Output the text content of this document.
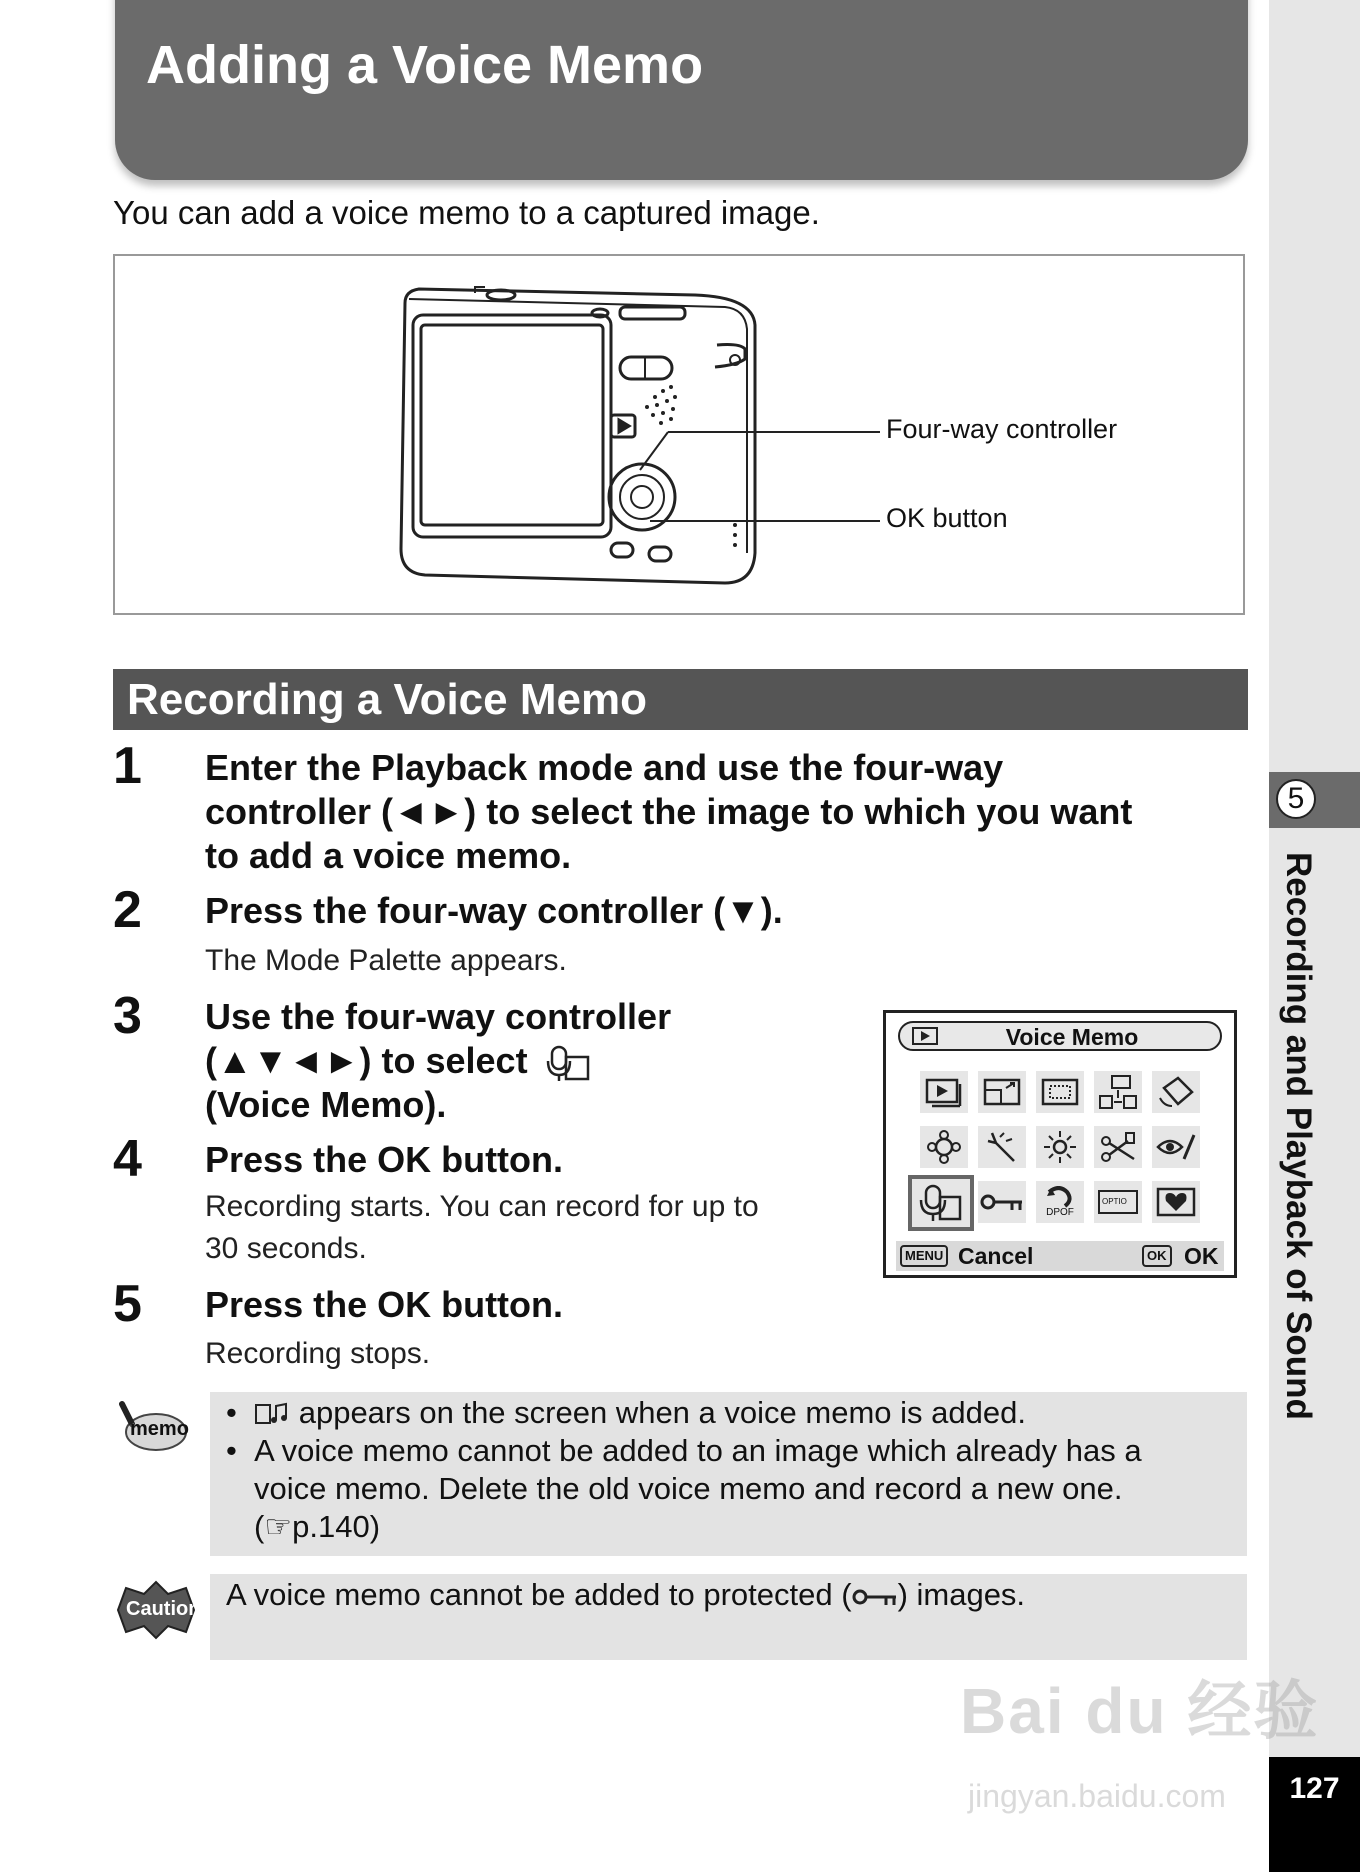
Adding a Voice Memo
You can add a voice memo to a captured image.
Four-way controller
OK button
Recording a Voice Memo
1 Enter the Playback mode and use the four-way
controller (◄►) to select the image to which you want
to add a voice memo.
2 Press the four-way controller (▼).
The Mode Palette appears.
3 Use the four-way controller
(▲▼◄►) to select
(Voice Memo).
Voice Memo
DPOF
OPTIO
MENU Cancel	OK OK
4 Press the OK button.
Recording starts. You can record for up to
30 seconds.
5 Press the OK button.
Recording stops.
memo •   appears on the screen when a voice memo is added.
•  A voice memo cannot be added to an image which already has a
voice memo. Delete the old voice memo and record a new one.
(☞p.140)
Caution A voice memo cannot be added to protected ( ) images.
5
Recording and Playback of Sound
127
Bai du 经验
jingyan.baidu.com
